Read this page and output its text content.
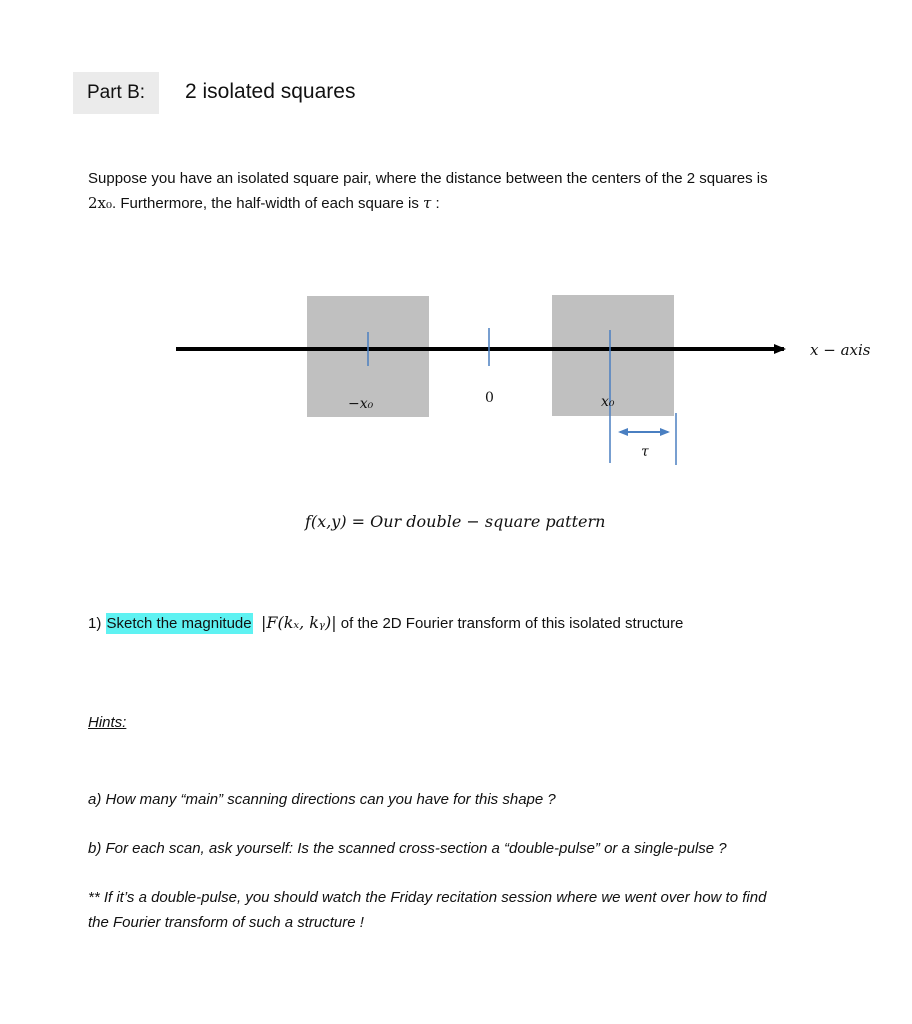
Part B:	2 isolated squares
Suppose you have an isolated square pair, where the distance between the centers of the 2 squares is
2x₀. Furthermore, the half-width of each square is τ :
x − axis
−x₀	0	x₀
τ
f(x,y) = Our double − square pattern
1) Sketch the magnitude |F(kₓ, kᵧ)| of the 2D Fourier transform of this isolated structure
Hints:
a) How many “main” scanning directions can you have for this shape ?
b) For each scan, ask yourself: Is the scanned cross-section a “double-pulse” or a single-pulse ?
** If it’s a double-pulse, you should watch the Friday recitation session where we went over how to find
the Fourier transform of such a structure !
